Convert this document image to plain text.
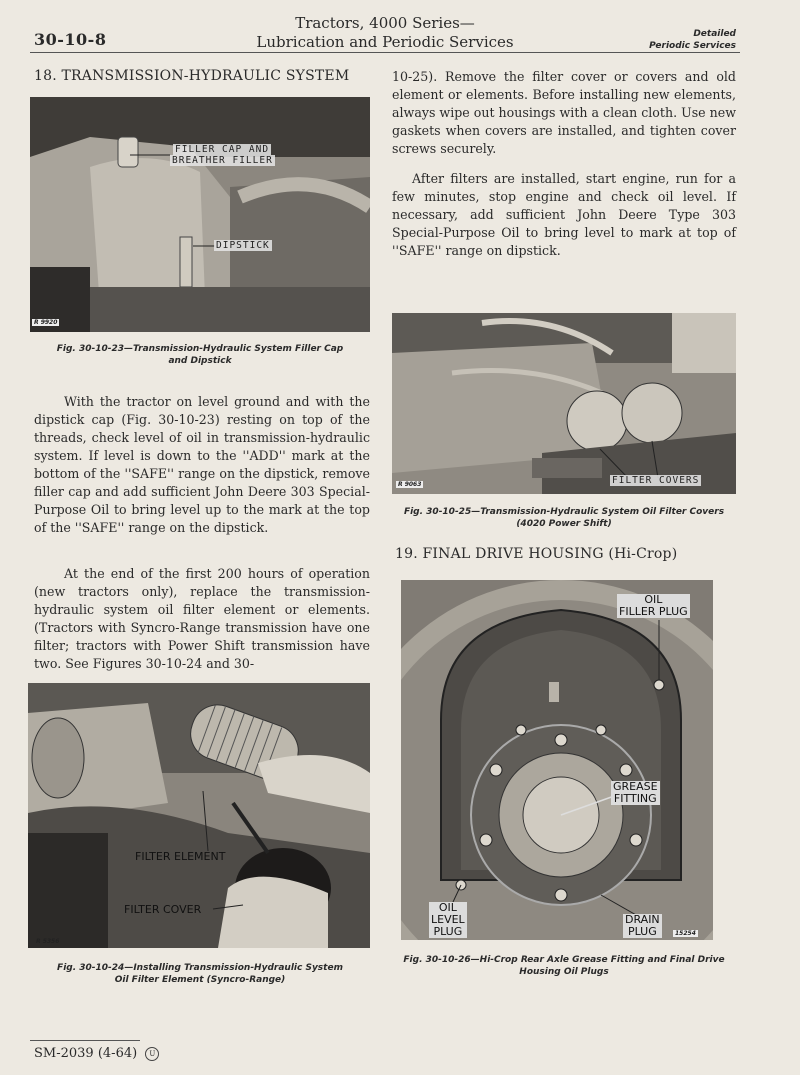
30-10-8
Tractors, 4000 Series—
Lubrication and Periodic Services	Detailed
Periodic Services
18. TRANSMISSION-HYDRAULIC SYSTEM
FILLER CAP AND
BREATHER FILLER
DIPSTICK
R 9920
Fig. 30-10-23—Transmission-Hydraulic System Filler Cap
and Dipstick
With the tractor on level ground and with the dipstick cap (Fig. 30-10-23) resting on top of the threads, check level of oil in transmission-hydraulic system. If level is down to the ''ADD'' mark at the bottom of the ''SAFE'' range on the dipstick, remove filler cap and add sufficient John Deere 303 Special-Purpose Oil to bring level up to the mark at the top of the ''SAFE'' range on the dipstick.
At the end of the first 200 hours of operation (new tractors only), replace the transmission-hydraulic system oil filter element or elements. (Tractors with Syncro-Range transmission have one filter; tractors with Power Shift transmission have two. See Figures 30-10-24 and 30-
FILTER ELEMENT
FILTER COVER
R 5356
Fig. 30-10-24—Installing Transmission-Hydraulic System
Oil Filter Element (Syncro-Range)
10-25). Remove the filter cover or covers and old element or elements. Before installing new elements, always wipe out housings with a clean cloth. Use new gaskets when covers are installed, and tighten cover screws securely.
After filters are installed, start engine, run for a few minutes, stop engine and check oil level. If necessary, add sufficient John Deere Type 303 Special-Purpose Oil to bring level to mark at top of ''SAFE'' range on dipstick.
FILTER COVERS
R 9063
Fig. 30-10-25—Transmission-Hydraulic System Oil Filter Covers
(4020 Power Shift)
19. FINAL DRIVE HOUSING (Hi-Crop)
OIL
FILLER PLUG
GREASE
FITTING
OIL
LEVEL
PLUG
DRAIN
PLUG	15254
Fig. 30-10-26—Hi-Crop Rear Axle Grease Fitting and Final Drive
Housing Oil Plugs
SM-2039 (4-64) U
